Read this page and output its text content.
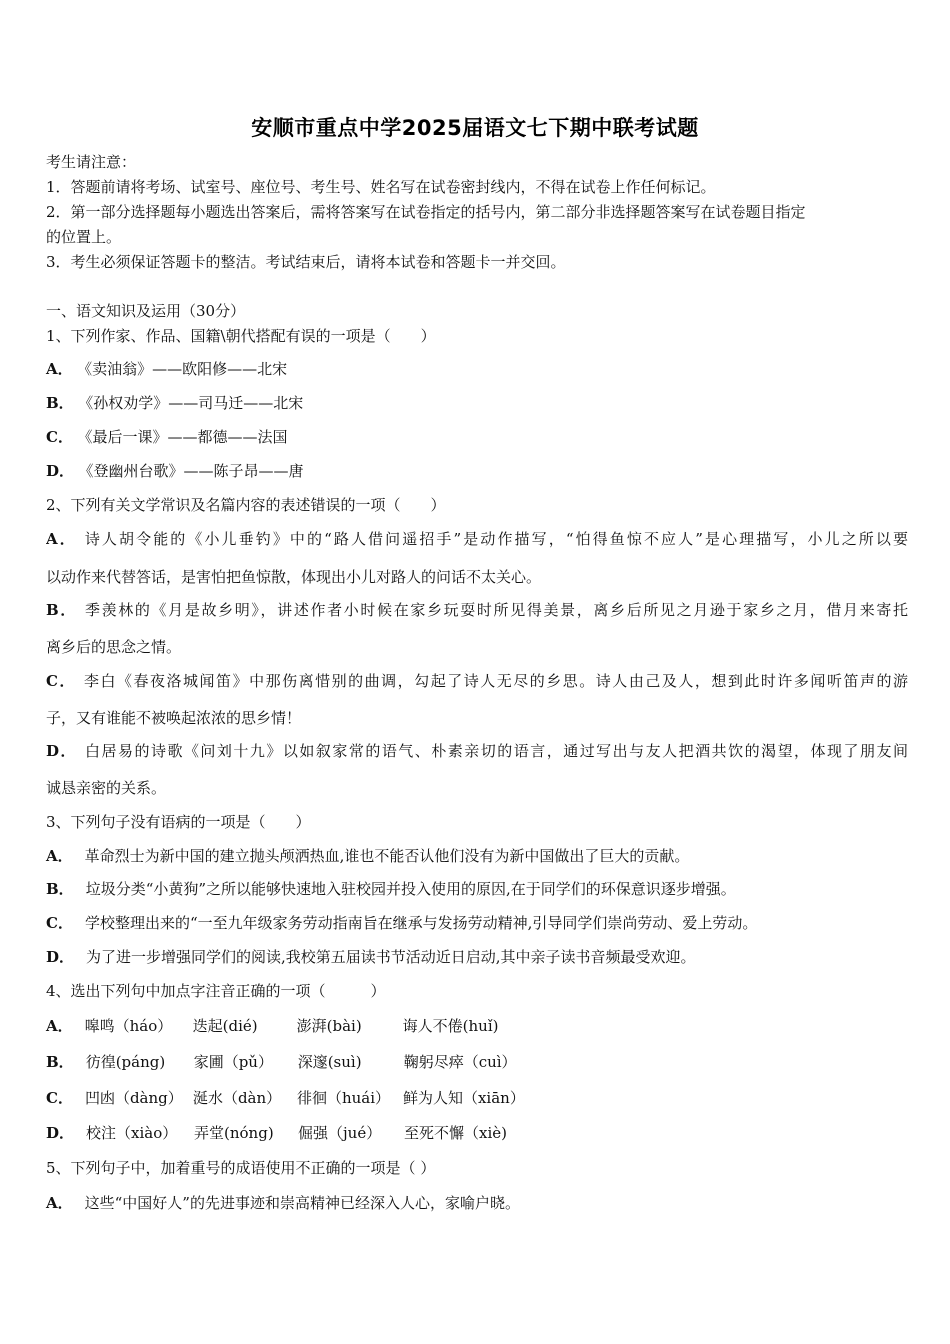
安顺市重点中学2025届语文七下期中联考试题
考生请注意：
1．答题前请将考场、试室号、座位号、考生号、姓名写在试卷密封线内，不得在试卷上作任何标记。
2．第一部分选择题每小题选出答案后，需将答案写在试卷指定的括号内，第二部分非选择题答案写在试卷题目指定
的位置上。
3．考生必须保证答题卡的整洁。考试结束后，请将本试卷和答题卡一并交回。
一、语文知识及运用（30分）
1、下列作家、作品、国籍\朝代搭配有误的一项是（　　）
A． 《卖油翁》——欧阳修——北宋
B． 《孙权劝学》——司马迁——北宋
C． 《最后一课》——都德——法国
D． 《登幽州台歌》——陈子昂——唐
2、下列有关文学常识及名篇内容的表述错误的一项（　　）
A． 诗人胡令能的《小儿垂钓》中的“路人借问遥招手”是动作描写，“怕得鱼惊不应人”是心理描写，小儿之所以要
以动作来代替答话，是害怕把鱼惊散，体现出小儿对路人的问话不太关心。
B． 季羡林的《月是故乡明》，讲述作者小时候在家乡玩耍时所见得美景，离乡后所见之月逊于家乡之月，借月来寄托
离乡后的思念之情。
C． 李白《春夜洛城闻笛》中那伤离惜别的曲调，勾起了诗人无尽的乡思。诗人由己及人，想到此时许多闻听笛声的游
子，又有谁能不被唤起浓浓的思乡情！
D． 白居易的诗歌《问刘十九》以如叙家常的语气、朴素亲切的语言，通过写出与友人把酒共饮的渴望，体现了朋友间
诚恳亲密的关系。
3、下列句子没有语病的一项是（　　）
A． 革命烈士为新中国的建立抛头颅洒热血,谁也不能否认他们没有为新中国做出了巨大的贡献。
B． 垃圾分类“小黄狗”之所以能够快速地入驻校园并投入使用的原因,在于同学们的环保意识逐步增强。
C． 学校整理出来的“一至九年级家务劳动指南旨在继承与发扬劳动精神,引导同学们崇尚劳动、爱上劳动。
D． 为了进一步增强同学们的阅读,我校第五届读书节活动近日启动,其中亲子读书音频最受欢迎。
4、选出下列句中加点字注音正确的一项（　　　）
A． 嗥鸣（háo） 迭起(dié)	澎湃(bài)	诲人不倦(huǐ)
B． 彷徨(páng) 家圃（pǔ） 深邃(suì)	鞠躬尽瘁（cuì）
C． 凹凼（dàng） 涎水（dàn） 徘徊（huái） 鲜为人知（xiān）
D． 校注（xiào） 弄堂(nóng) 倔强（jué） 至死不懈（xiè)
5、下列句子中，加着重号的成语使用不正确的一项是（ ）
A． 这些“中国好人”的先进事迹和崇高精神已经深入人心，家喻户晓。
